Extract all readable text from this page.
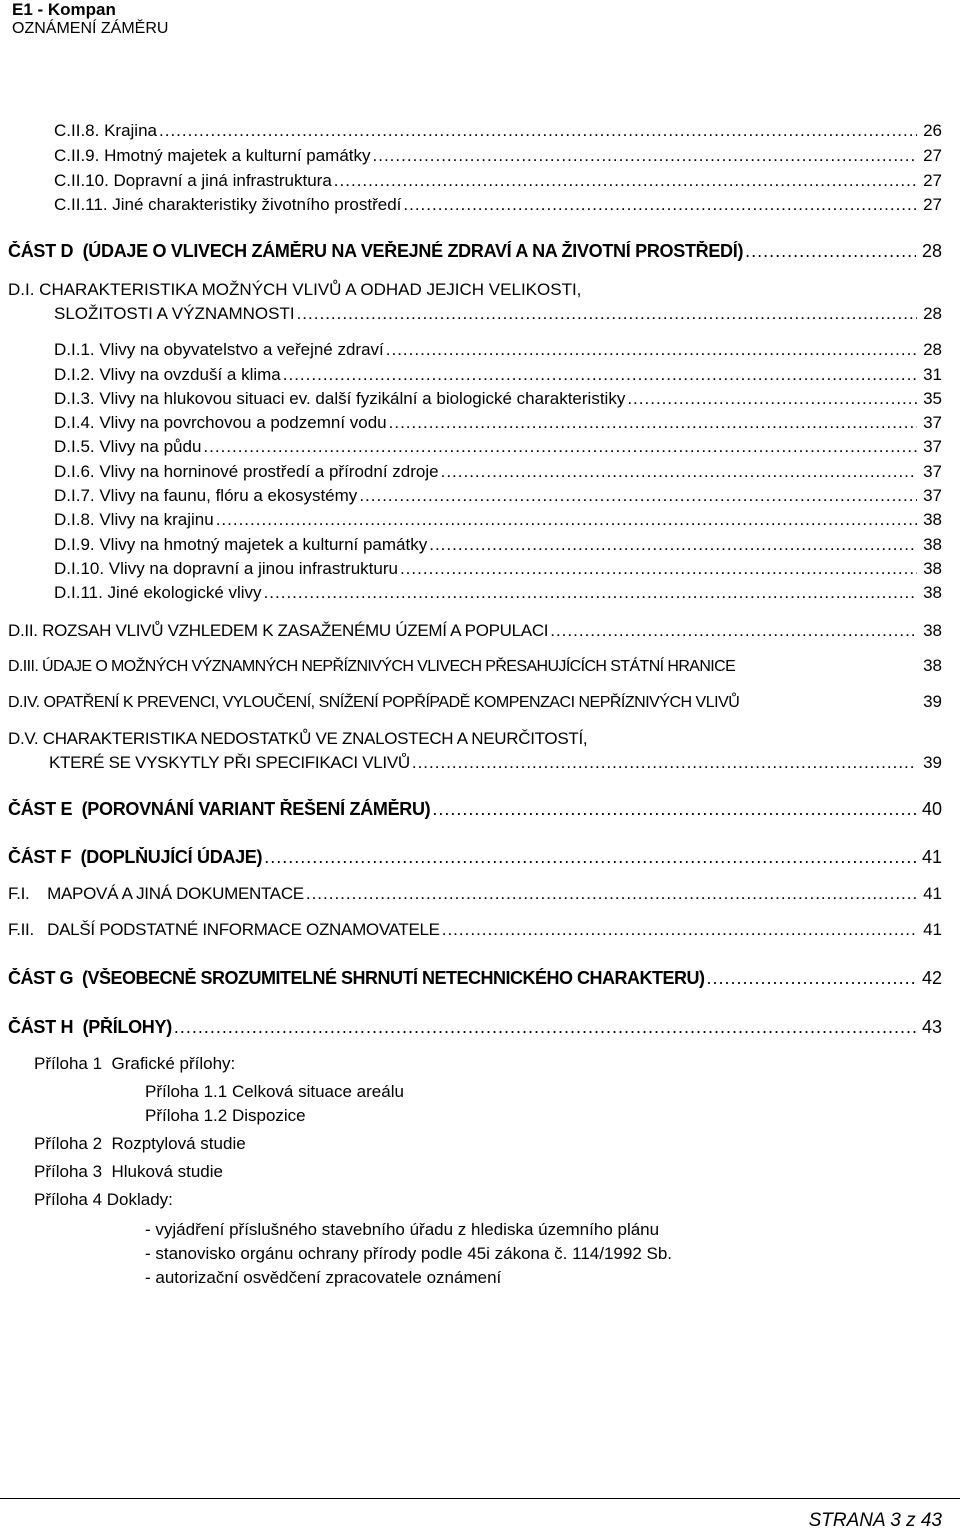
E1 - Kompan
OZNÁMENÍ ZÁMĚRU
C.II.8. Krajina .....	26
C.II.9. Hmotný majetek a kulturní památky .....	27
C.II.10. Dopravní a jiná infrastruktura .....	27
C.II.11. Jiné charakteristiky životního prostředí .....	27
ČÁST D  (ÚDAJE O VLIVECH ZÁMĚRU NA VEŘEJNÉ ZDRAVÍ A NA ŽIVOTNÍ PROSTŘEDÍ) .....	28
D.I. CHARAKTERISTIKA MOŽNÝCH VLIVŮ A ODHAD JEJICH VELIKOSTI,
SLOŽITOSTI A VÝZNAMNOSTI .....	28
D.I.1. Vlivy na obyvatelstvo a veřejné zdraví .....	28
D.I.2. Vlivy na ovzduší a klima .....	31
D.I.3. Vlivy na hlukovou situaci ev. další fyzikální a biologické charakteristiky .....	35
D.I.4. Vlivy na povrchovou a podzemní vodu .....	37
D.I.5. Vlivy na půdu .....	37
D.I.6. Vlivy na horninové prostředí a přírodní zdroje .....	37
D.I.7. Vlivy na faunu, flóru a ekosystémy .....	37
D.I.8. Vlivy na krajinu .....	38
D.I.9. Vlivy na hmotný majetek a kulturní památky .....	38
D.I.10. Vlivy na dopravní a jinou infrastrukturu .....	38
D.I.11. Jiné ekologické vlivy .....	38
D.II. ROZSAH VLIVŮ VZHLEDEM K ZASAŽENÉMU ÚZEMÍ A POPULACI .....	38
D.III. ÚDAJE O MOŽNÝCH VÝZNAMNÝCH NEPŘÍZNIVÝCH VLIVECH PŘESAHUJÍCÍCH STÁTNÍ HRANICE	38
D.IV. OPATŘENÍ K PREVENCI, VYLOUČENÍ, SNÍŽENÍ POPŘÍPADĚ KOMPENZACI NEPŘÍZNIVÝCH VLIVŮ	39
D.V. CHARAKTERISTIKA NEDOSTATKŮ VE ZNALOSTECH A NEURČITOSTÍ,
KTERÉ SE VYSKYTLY PŘI SPECIFIKACI VLIVŮ .....	39
ČÁST E  (POROVNÁNÍ VARIANT ŘEŠENÍ ZÁMĚRU) .....	40
ČÁST F  (DOPLŇUJÍCÍ ÚDAJE) .....	41
F.I.    MAPOVÁ A JINÁ DOKUMENTACE .....	41
F.II.   DALŠÍ PODSTATNÉ INFORMACE OZNAMOVATELE .....	41
ČÁST G  (VŠEOBECNĚ SROZUMITELNÉ SHRNUTÍ NETECHNICKÉHO CHARAKTERU) .....	42
ČÁST H  (PŘÍLOHY) .....	43
Příloha 1  Grafické přílohy:
Příloha 1.1 Celková situace areálu
Příloha 1.2 Dispozice
Příloha 2  Rozptylová studie
Příloha 3  Hluková studie
Příloha 4 Doklady:
- vyjádření příslušného stavebního úřadu z hlediska územního plánu
- stanovisko orgánu ochrany přírody podle 45i zákona č. 114/1992 Sb.
- autorizační osvědčení zpracovatele oznámení
STRANA 3 z 43
